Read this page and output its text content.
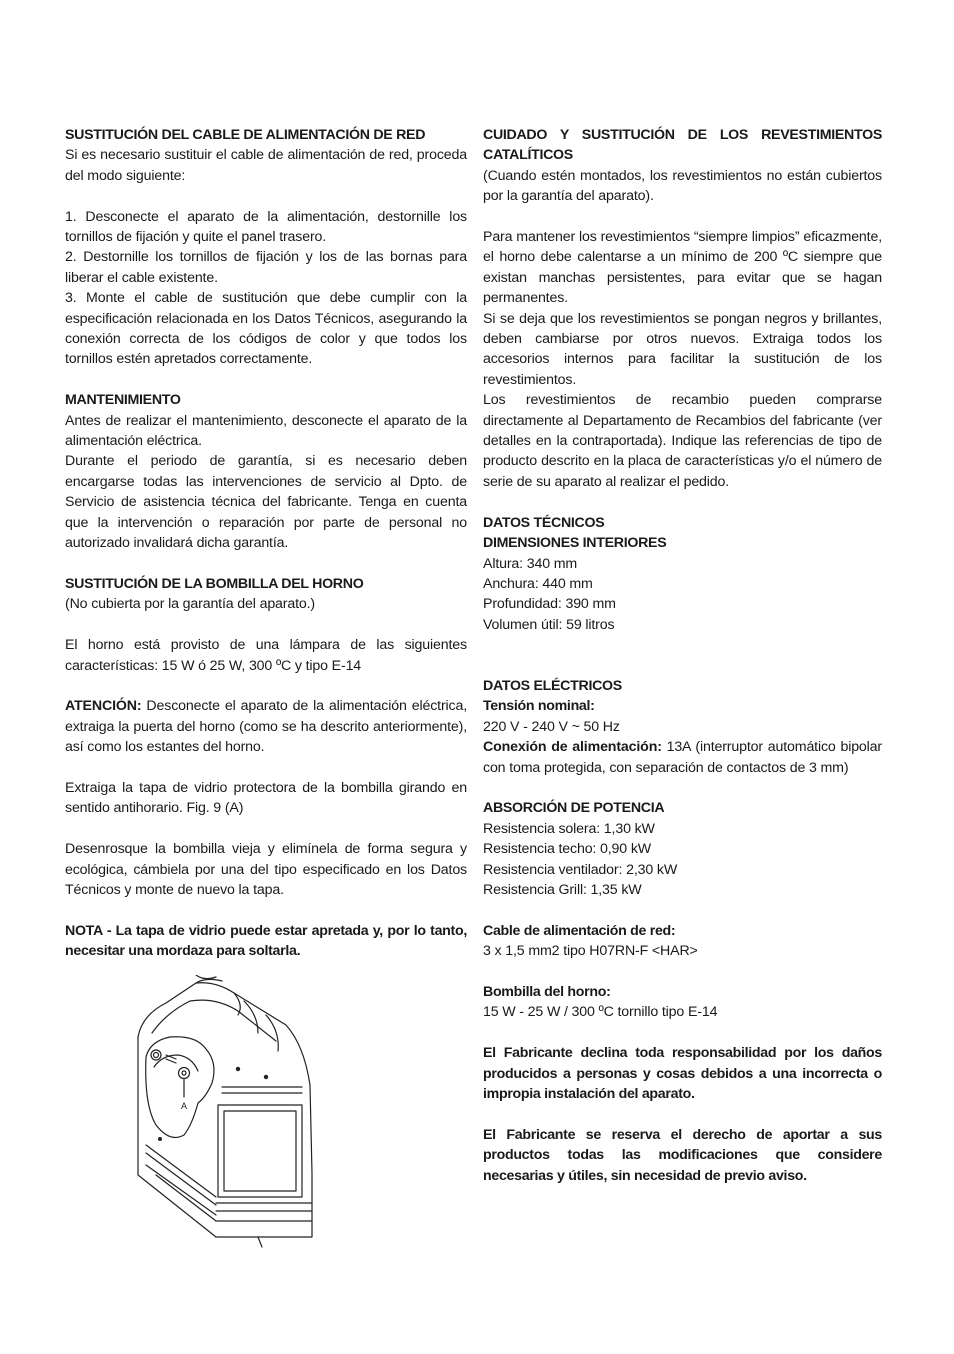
SUSTITUCIÓN DEL CABLE DE ALIMENTACIÓN DE RED

Si es necesario sustituir el cable de alimentación de red, proceda del modo siguiente:

1. Desconecte el aparato de la alimentación, destornille los tornillos de fijación y quite el panel trasero.

2. Destornille los tornillos de fijación y los de las bornas para liberar el cable existente.

3. Monte el cable de sustitución que debe cumplir con la especificación relacionada en los Datos Técnicos, asegurando la conexión correcta de los códigos de color y que todos los tornillos estén apretados correctamente.

MANTENIMIENTO

Antes de realizar el mantenimiento, desconecte el aparato de la alimentación eléctrica.

Durante el periodo de garantía, si es necesario deben encargarse todas las intervenciones de servicio al Dpto. de Servicio de asistencia técnica del fabricante. Tenga en cuenta que la intervención o reparación por parte de personal no autorizado invalidará dicha garantía.

SUSTITUCIÓN DE LA BOMBILLA DEL HORNO

(No cubierta por la garantía del aparato.)

El horno está provisto de una lámpara de las siguientes características: 15 W ó 25 W, 300 ºC y tipo E-14

ATENCIÓN: Desconecte el aparato de la alimentación eléctrica, extraiga la puerta del horno (como se ha descrito anteriormente), así como los estantes del horno.

Extraiga la tapa de vidrio protectora de la bombilla girando en sentido antihorario. Fig. 9 (A)

Desenrosque la bombilla vieja y elimínela de forma segura y ecológica, cámbiela por una del tipo especificado en los Datos Técnicos y monte de nuevo la tapa.

NOTA - La tapa de vidrio puede estar apretada y, por lo tanto, necesitar una mordaza para soltarla.

CUIDADO Y SUSTITUCIÓN DE LOS REVESTIMIENTOS CATALÍTICOS

(Cuando estén montados, los revestimientos no están cubiertos por la garantía del aparato).

Para mantener los revestimientos “siempre limpios” eficazmente, el horno debe calentarse a un mínimo de 200 ºC siempre que existan manchas persistentes, para evitar que se hagan permanentes.

Si se deja que los revestimientos se pongan negros y brillantes, deben cambiarse por otros nuevos. Extraiga todos los accesorios internos para facilitar la sustitución de los revestimientos.

Los revestimientos de recambio pueden comprarse directamente al Departamento de Recambios del fabricante (ver detalles en la contraportada). Indique las referencias de tipo de producto descrito en la placa de características y/o el número de serie de su aparato al realizar el pedido.

DATOS TÉCNICOS

DIMENSIONES INTERIORES

Altura: 340 mm

Anchura: 440 mm

Profundidad: 390 mm

Volumen útil: 59 litros

DATOS ELÉCTRICOS

Tensión nominal:

220 V - 240 V ~ 50 Hz

Conexión de alimentación: 13A (interruptor automático bipolar con toma protegida, con separación de contactos de 3 mm)

ABSORCIÓN DE POTENCIA

Resistencia solera: 1,30 kW

Resistencia techo: 0,90 kW

Resistencia ventilador: 2,30 kW

Resistencia Grill: 1,35 kW

Cable de alimentación de red:

3 x 1,5 mm2 tipo H07RN-F <HAR>

Bombilla del horno:

15 W - 25 W / 300 ºC tornillo tipo E-14

El Fabricante declina toda responsabilidad por los daños producidos a personas y cosas debidos a una incorrecta o impropia instalación del aparato.

El Fabricante se reserva el derecho de aportar a sus productos todas las modificaciones que considere necesarias y útiles, sin necesidad de previo aviso.

A
